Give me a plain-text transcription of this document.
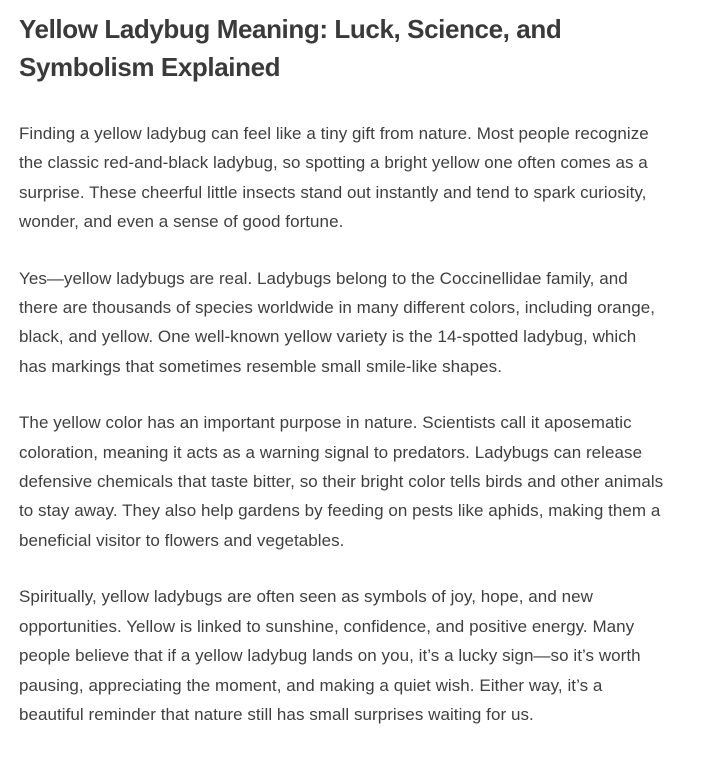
Yellow Ladybug Meaning: Luck, Science, and Symbolism Explained

Finding a yellow ladybug can feel like a tiny gift from nature. Most people recognize the classic red-and-black ladybug, so spotting a bright yellow one often comes as a surprise. These cheerful little insects stand out instantly and tend to spark curiosity, wonder, and even a sense of good fortune.

Yes—yellow ladybugs are real. Ladybugs belong to the Coccinellidae family, and there are thousands of species worldwide in many different colors, including orange, black, and yellow. One well-known yellow variety is the 14-spotted ladybug, which has markings that sometimes resemble small smile-like shapes.

The yellow color has an important purpose in nature. Scientists call it aposematic coloration, meaning it acts as a warning signal to predators. Ladybugs can release defensive chemicals that taste bitter, so their bright color tells birds and other animals to stay away. They also help gardens by feeding on pests like aphids, making them a beneficial visitor to flowers and vegetables.

Spiritually, yellow ladybugs are often seen as symbols of joy, hope, and new opportunities. Yellow is linked to sunshine, confidence, and positive energy. Many people believe that if a yellow ladybug lands on you, it’s a lucky sign—so it’s worth pausing, appreciating the moment, and making a quiet wish. Either way, it’s a beautiful reminder that nature still has small surprises waiting for us.
